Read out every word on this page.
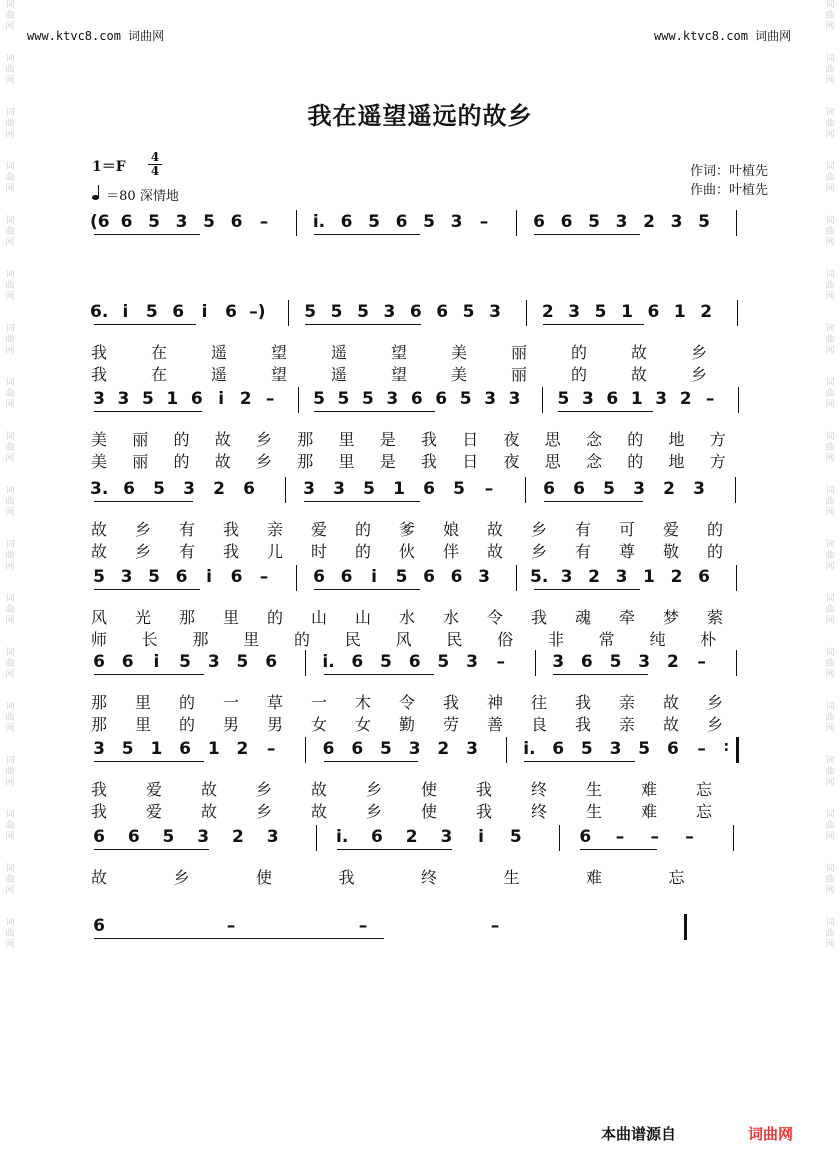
词
曲
网
词
曲
网
词
曲
网
词
曲
网
词
曲
网
词
曲
网
词
曲
网
词
曲
网
词
曲
网
词
曲
网
词
曲
网
词
曲
网
词
曲
网
词
曲
网
词
曲
网
词
曲
网
词
曲
网
词
曲
网
词
曲
网
词
曲
网
词
曲
网
词
曲
网
词
曲
网
词
曲
网
词
曲
网
词
曲
网
词
曲
网
词
曲
网
词
曲
网
词
曲
网
词
曲
网
词
曲
网
词
曲
网
词
曲
网
词
曲
网
词
曲
网
www.ktvc8.com 词曲网	www.ktvc8.com 词曲网
我在遥望遥远的故乡
1＝F
4
4
＝80 深情地
作词：叶植先
作曲：叶植先
(6 6 5 3 5 6 –	i. 6 5 6 5 3 –	6 6 5 3 2 3 5
6. i	5 6	i	6 –) 5 5 5 3 6 6 5 3 2 3 5 1 6 1 2
我	在	遥	望	遥	望	美	丽	的	故	乡
我	在	遥	望	遥	望	美	丽	的	故	乡
3 3 5 1 6 i 2 – 5 5 5 3 6 6 5 3 3 5 3 6 1 3 2 –
美 丽 的 故 乡 那 里 是 我 日 夜 思 念 的 地 方
美 丽 的 故 乡 那 里 是 我 日 夜 思 念 的 地 方
3. 6 5 3 2 6	3 3 5 1 6 5 –	6 6 5 3 2 3
故 乡 有 我 亲 爱 的 爹 娘 故 乡 有 可 爱 的
故 乡 有 我 儿 时 的 伙 伴 故 乡 有 尊 敬 的
5 3 5 6	i	6 –	6 6	i	5 6 6 3 5. 3 2 3 1 2 6
风 光 那 里 的 山 山 水 水 令 我 魂 牵 梦 萦
师 长 那 里 的 民 风 民 俗 非 常 纯 朴
6 6	i	5 3 5 6	i. 6 5 6 5 3 –	3 6 5 3 2 –
那 里 的 一 草 一 木 令 我 神 往 我 亲 故 乡
那 里 的 男 男 女 女 勤 劳 善 良 我 亲 故 乡
3 5 1 6 1 2 –	6 6 5 3 2 3	i. 6 5 3 5 6 –	:
我 爱 故 乡 故 乡 使 我 终 生 难 忘
我 爱 故 乡 故 乡 使 我 终 生 难 忘
6 6 5 3 2 3	i. 6 2 3	i	5	6 – – –
故	乡	使	我	终	生	难	忘
6	–	–	–
本曲谱源自	词曲网
